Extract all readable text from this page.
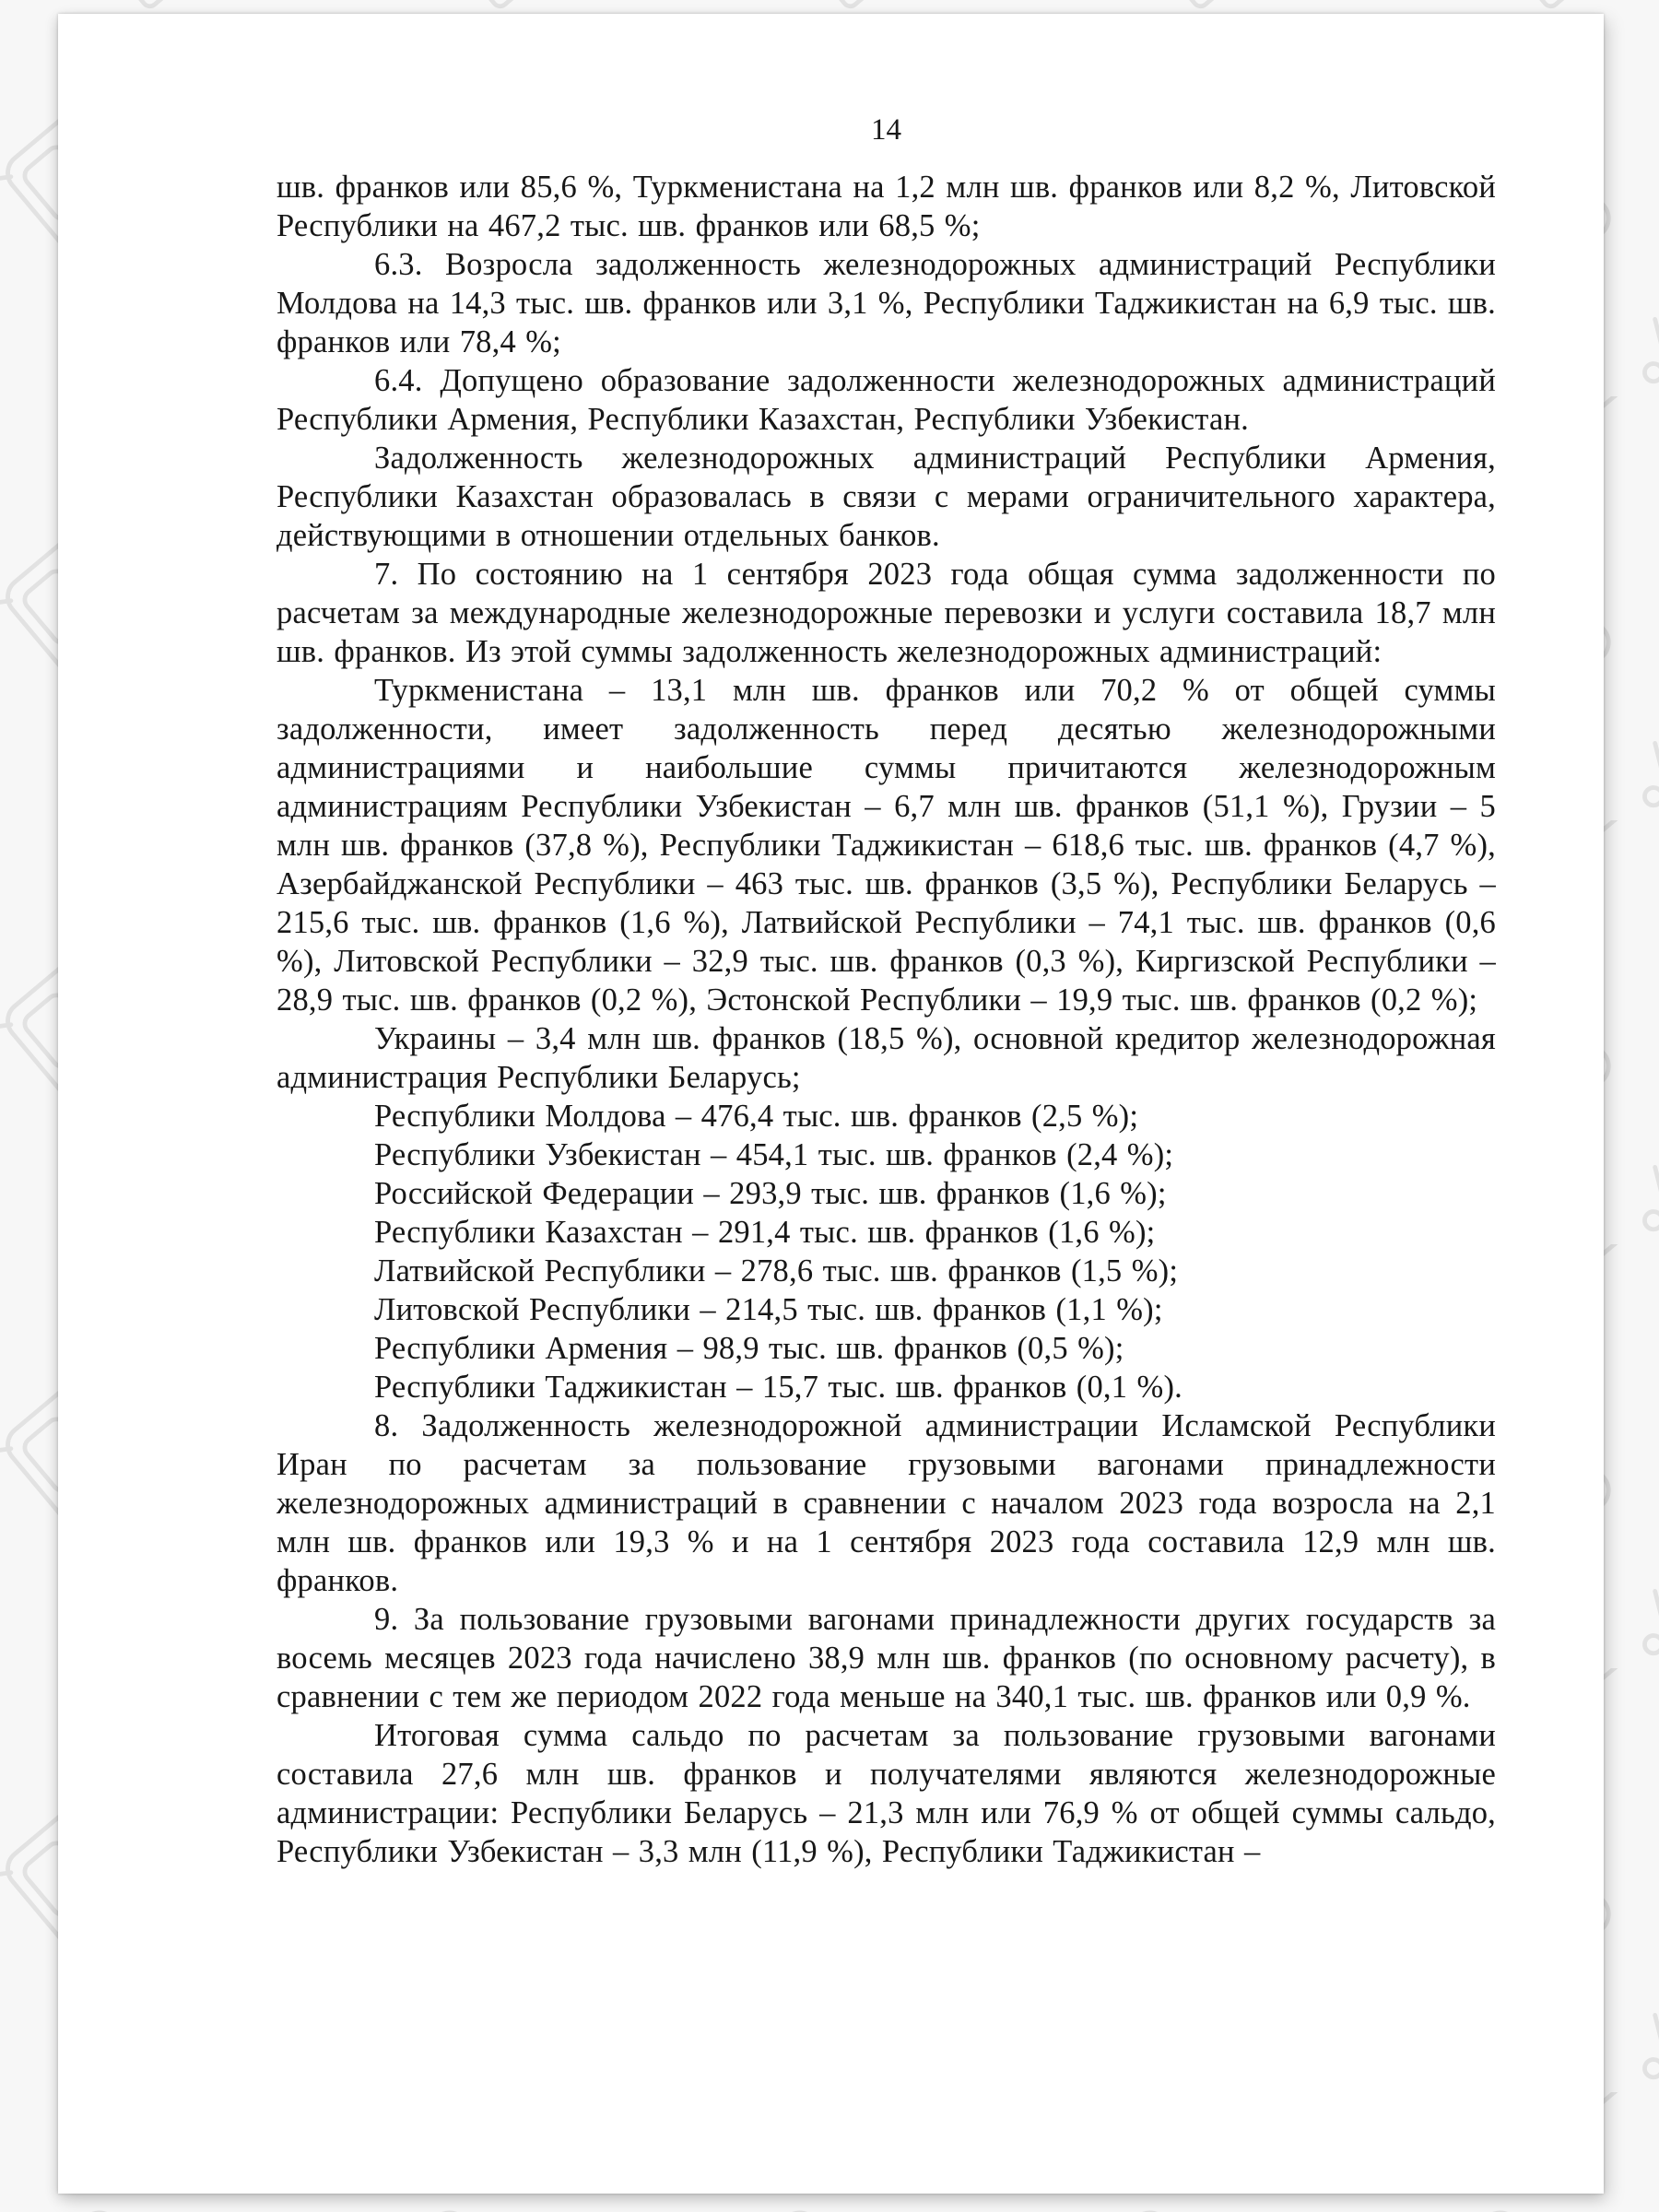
14

шв. франков или 85,6 %, Туркменистана на 1,2 млн шв. франков или 8,2 %, Литовской Республики на 467,2 тыс. шв. франков или 68,5 %;

6.3. Возросла задолженность железнодорожных администраций Республики Молдова на 14,3 тыс. шв. франков или 3,1 %, Республики Таджикистан на 6,9 тыс. шв. франков или 78,4 %;

6.4. Допущено образование задолженности железнодорожных администраций Республики Армения, Республики Казахстан, Республики Узбекистан.

Задолженность железнодорожных администраций Республики Армения, Республики Казахстан образовалась в связи с мерами ограничительного характера, действующими в отношении отдельных банков.

7. По состоянию на 1 сентября 2023 года общая сумма задолженности по расчетам за международные железнодорожные перевозки и услуги составила 18,7 млн шв. франков. Из этой суммы задолженность железнодорожных администраций:

Туркменистана – 13,1 млн шв. франков или 70,2 % от общей суммы задолженности, имеет задолженность перед десятью железнодорожными администрациями и наибольшие суммы причитаются железнодорожным администрациям Республики Узбекистан – 6,7 млн шв. франков (51,1 %), Грузии – 5 млн шв. франков (37,8 %), Республики Таджикистан – 618,6 тыс. шв. франков (4,7 %), Азербайджанской Республики – 463 тыс. шв. франков (3,5 %), Республики Беларусь – 215,6 тыс. шв. франков (1,6 %), Латвийской Республики – 74,1 тыс. шв. франков (0,6 %), Литовской Республики – 32,9 тыс. шв. франков (0,3 %), Киргизской Республики – 28,9 тыс. шв. франков (0,2 %), Эстонской Республики – 19,9 тыс. шв. франков (0,2 %);

Украины – 3,4 млн шв. франков (18,5 %), основной кредитор железнодорожная администрация Республики Беларусь;

Республики Молдова – 476,4 тыс. шв. франков (2,5 %);

Республики Узбекистан – 454,1 тыс. шв. франков (2,4 %);

Российской Федерации – 293,9 тыс. шв. франков (1,6 %);

Республики Казахстан – 291,4 тыс. шв. франков (1,6 %);

Латвийской Республики – 278,6 тыс. шв. франков (1,5 %);

Литовской Республики – 214,5 тыс. шв. франков (1,1 %);

Республики Армения – 98,9 тыс. шв. франков (0,5 %);

Республики Таджикистан – 15,7 тыс. шв. франков (0,1 %).

8. Задолженность железнодорожной администрации Исламской Республики Иран по расчетам за пользование грузовыми вагонами принадлежности железнодорожных администраций в сравнении с началом 2023 года возросла на 2,1 млн шв. франков или 19,3 % и на 1 сентября 2023 года составила 12,9 млн шв. франков.

9. За пользование грузовыми вагонами принадлежности других государств за восемь месяцев 2023 года начислено 38,9 млн шв. франков (по основному расчету), в сравнении с тем же периодом 2022 года меньше на 340,1 тыс. шв. франков или 0,9 %.

Итоговая сумма сальдо по расчетам за пользование грузовыми вагонами составила 27,6 млн шв. франков и получателями являются железнодорожные администрации: Республики Беларусь – 21,3 млн или 76,9 % от общей суммы сальдо, Республики Узбекистан – 3,3 млн (11,9 %), Республики Таджикистан –
